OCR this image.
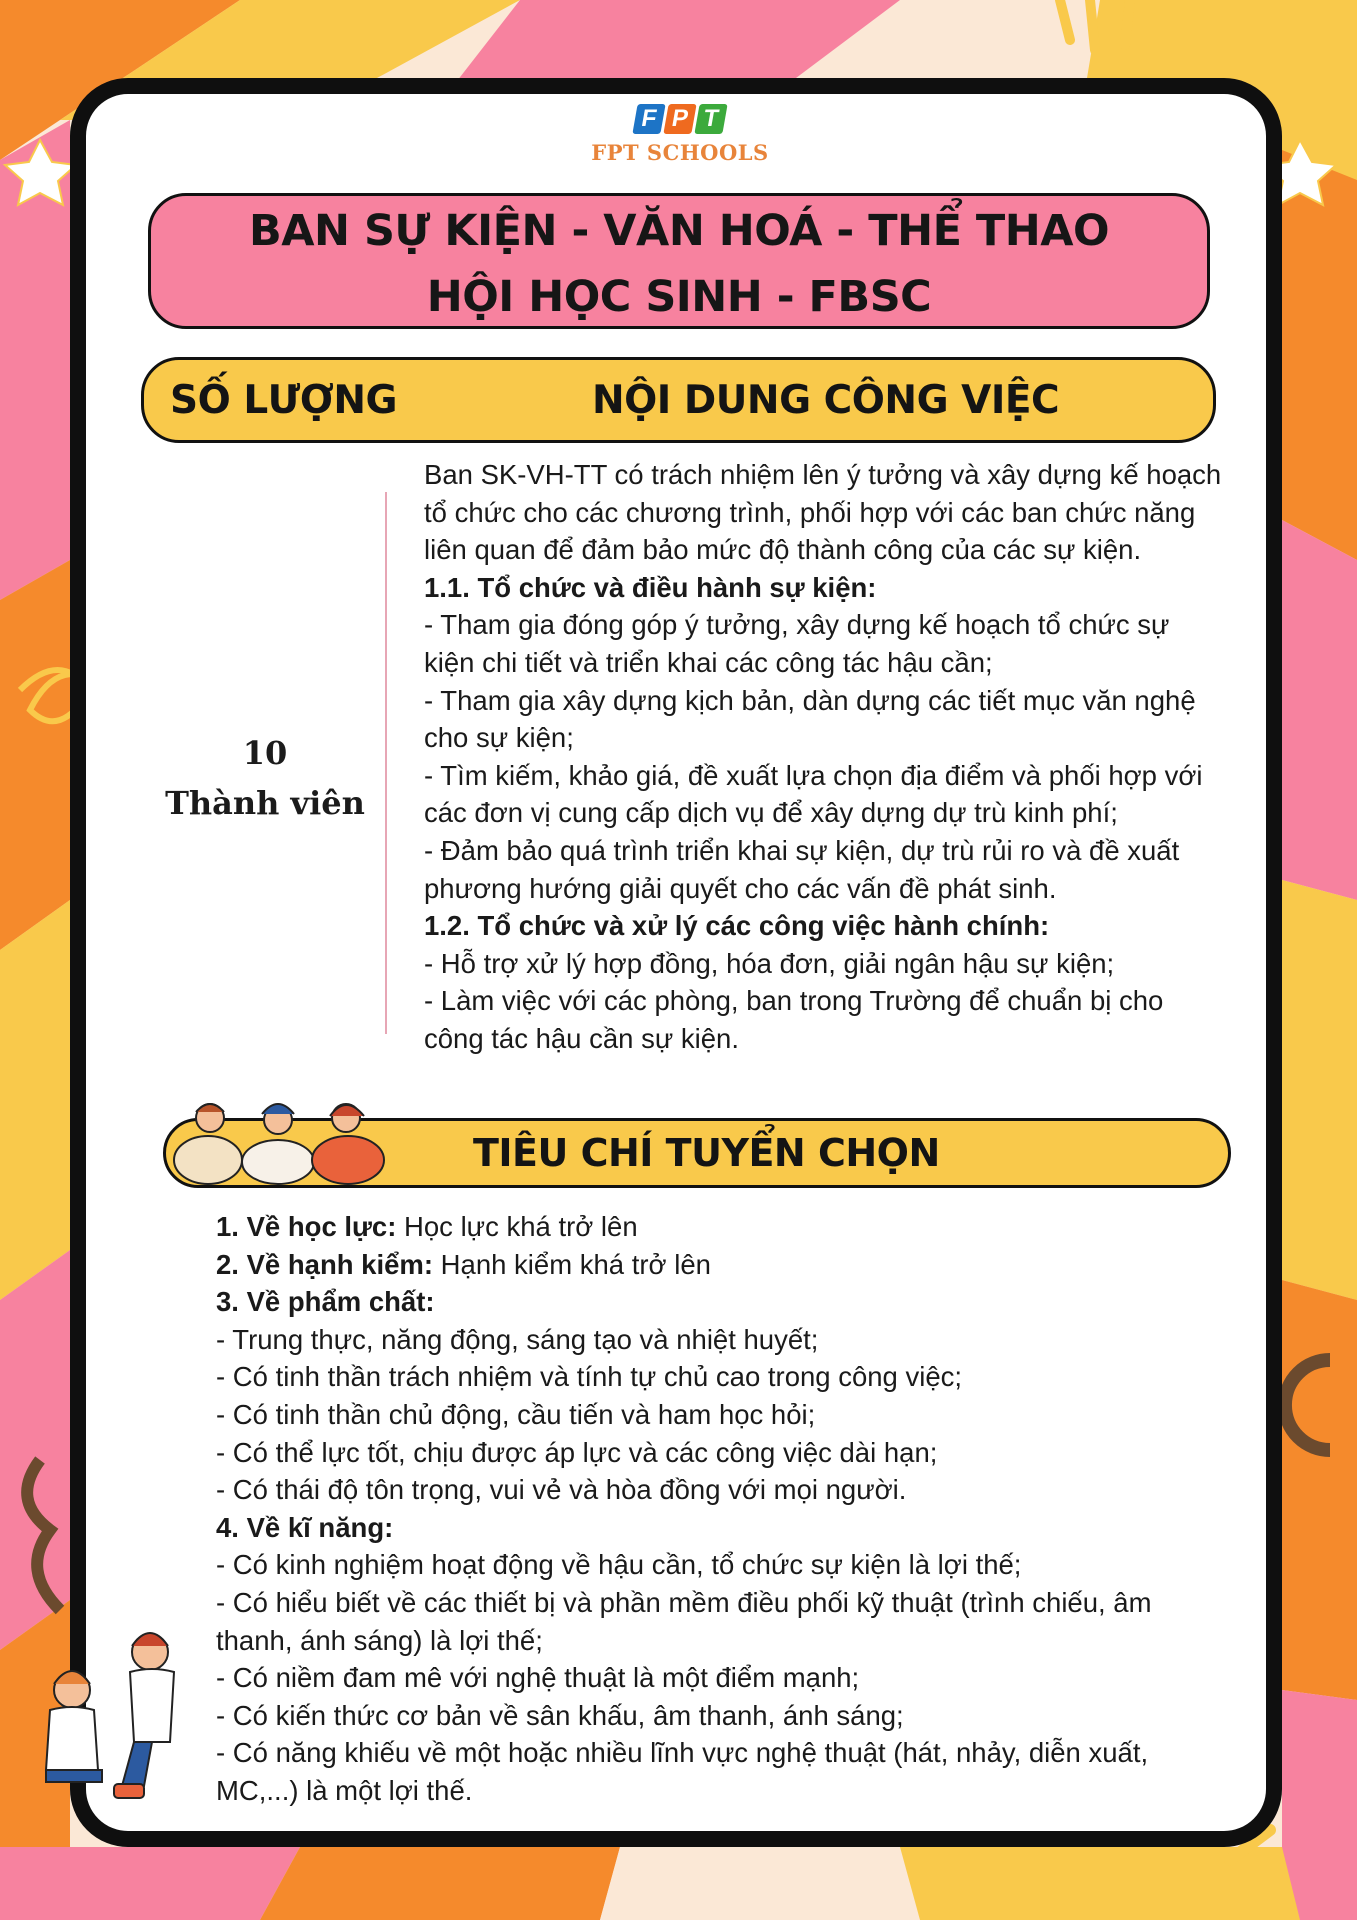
F P T
FPT SCHOOLS
BAN SỰ KIỆN - VĂN HOÁ - THỂ THAO
HỘI HỌC SINH - FBSC
SỐ LƯỢNG	NỘI DUNG CÔNG VIỆC
10
Thành viên

Ban SK-VH-TT có trách nhiệm lên ý tưởng và xây dựng kế hoạch tổ chức cho các chương trình, phối hợp với các ban chức năng liên quan để đảm bảo mức độ thành công của các sự kiện.

1.1. Tổ chức và điều hành sự kiện:

- Tham gia đóng góp ý tưởng, xây dựng kế hoạch tổ chức sự kiện chi tiết và triển khai các công tác hậu cần;

- Tham gia xây dựng kịch bản, dàn dựng các tiết mục văn nghệ cho sự kiện;

- Tìm kiếm, khảo giá, đề xuất lựa chọn địa điểm và phối hợp với các đơn vị cung cấp dịch vụ để xây dựng dự trù kinh phí;

- Đảm bảo quá trình triển khai sự kiện, dự trù rủi ro và đề xuất phương hướng giải quyết cho các vấn đề phát sinh.

1.2. Tổ chức và xử lý các công việc hành chính:

- Hỗ trợ xử lý hợp đồng, hóa đơn, giải ngân hậu sự kiện;

- Làm việc với các phòng, ban trong Trường để chuẩn bị cho công tác hậu cần sự kiện.

TIÊU CHÍ TUYỂN CHỌN

1. Về học lực: Học lực khá trở lên

2. Về hạnh kiểm: Hạnh kiểm khá trở lên

3. Về phẩm chất:

- Trung thực, năng động, sáng tạo và nhiệt huyết;

- Có tinh thần trách nhiệm và tính tự chủ cao trong công việc;

- Có tinh thần chủ động, cầu tiến và ham học hỏi;

- Có thể lực tốt, chịu được áp lực và các công việc dài hạn;

- Có thái độ tôn trọng, vui vẻ và hòa đồng với mọi người.

4. Về kĩ năng:

- Có kinh nghiệm hoạt động về hậu cần, tổ chức sự kiện là lợi thế;

- Có hiểu biết về các thiết bị và phần mềm điều phối kỹ thuật (trình chiếu, âm thanh, ánh sáng) là lợi thế;

- Có niềm đam mê với nghệ thuật là một điểm mạnh;

- Có kiến thức cơ bản về sân khấu, âm thanh, ánh sáng;

- Có năng khiếu về một hoặc nhiều lĩnh vực nghệ thuật (hát, nhảy, diễn xuất, MC,...) là một lợi thế.
